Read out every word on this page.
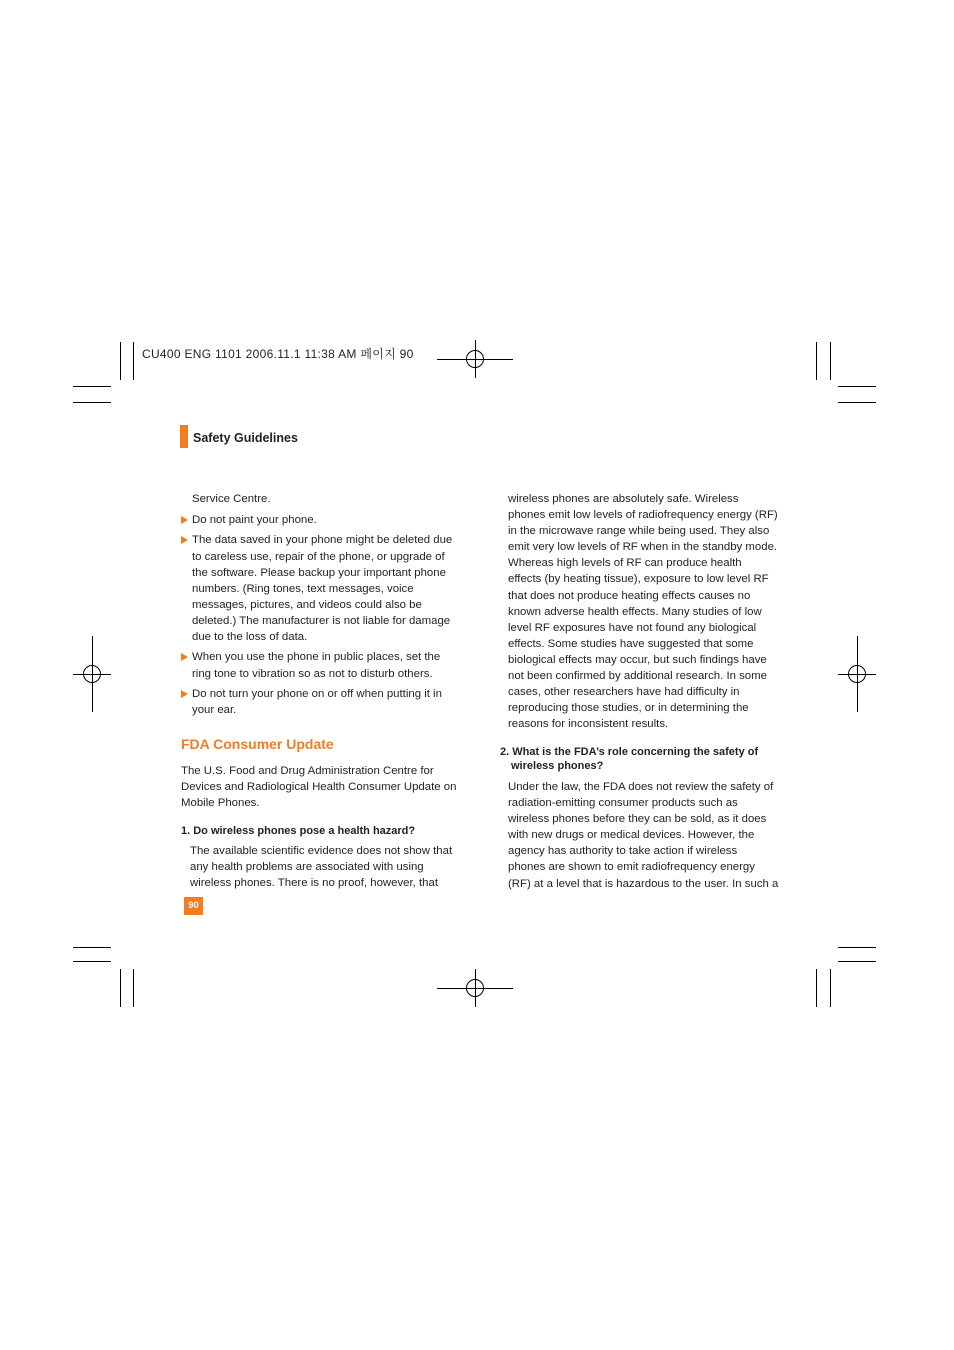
CU400 ENG 1101 2006.11.1 11:38 AM 페이지 90
Safety Guidelines
Service Centre.
Do not paint your phone.
The data saved in your phone might be deleted due
to careless use, repair of the phone, or upgrade of
the software. Please backup your important phone
numbers. (Ring tones, text messages, voice
messages, pictures, and videos could also be
deleted.) The manufacturer is not liable for damage
due to the loss of data.
When you use the phone in public places, set the
ring tone to vibration so as not to disturb others.
Do not turn your phone on or off when putting it in
your ear.
FDA Consumer Update
The U.S. Food and Drug Administration Centre for
Devices and Radiological Health Consumer Update on
Mobile Phones.
1. Do wireless phones pose a health hazard?
The available scientific evidence does not show that
any health problems are associated with using
wireless phones. There is no proof, however, that
wireless phones are absolutely safe. Wireless
phones emit low levels of radiofrequency energy (RF)
in the microwave range while being used. They also
emit very low levels of RF when in the standby mode.
Whereas high levels of RF can produce health
effects (by heating tissue), exposure to low level RF
that does not produce heating effects causes no
known adverse health effects. Many studies of low
level RF exposures have not found any biological
effects. Some studies have suggested that some
biological effects may occur, but such findings have
not been confirmed by additional research. In some
cases, other researchers have had difficulty in
reproducing those studies, or in determining the
reasons for inconsistent results.
2. What is the FDA’s role concerning the safety of
wireless phones?
Under the law, the FDA does not review the safety of
radiation-emitting consumer products such as
wireless phones before they can be sold, as it does
with new drugs or medical devices. However, the
agency has authority to take action if wireless
phones are shown to emit radiofrequency energy
(RF) at a level that is hazardous to the user. In such a
90
